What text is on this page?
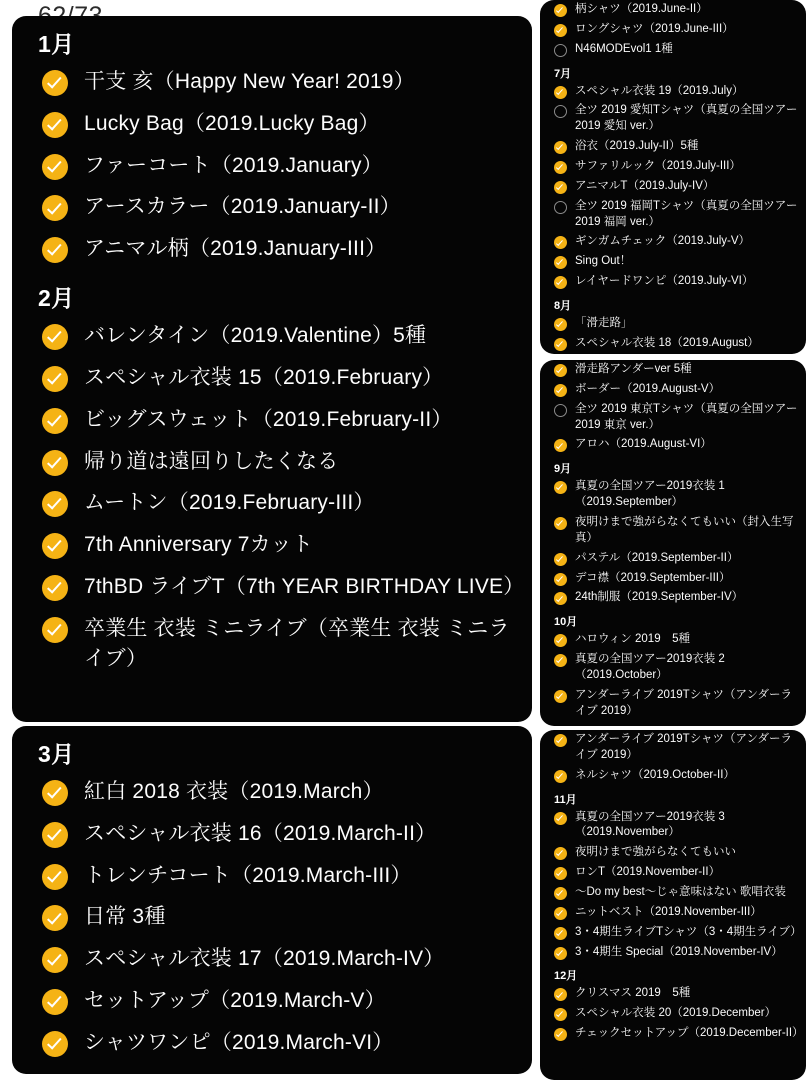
1月
干支 亥（Happy New Year! 2019）
Lucky Bag（2019.Lucky Bag）
ファーコート（2019.January）
アースカラー（2019.January-II）
アニマル柄（2019.January-III）
2月
バレンタイン（2019.Valentine）5種
スペシャル衣装 15（2019.February）
ビッグスウェット（2019.February-II）
帰り道は遠回りしたくなる
ムートン（2019.February-III）
7th Anniversary 7カット
7thBD ライブT（7th YEAR BIRTHDAY LIVE）
卒業生 衣装 ミニライブ（卒業生 衣装 ミニライブ）
3月
紅白 2018 衣装（2019.March）
スペシャル衣装 16（2019.March-II）
トレンチコート（2019.March-III）
日常 3種
スペシャル衣装 17（2019.March-IV）
セットアップ（2019.March-V）
シャツワンピ（2019.March-VI）
柄シャツ（2019.June-II）
ロングシャツ（2019.June-III）
N46MODEvol1 1種
7月
スペシャル衣装 19（2019.July）
全ツ 2019 愛知Tシャツ（真夏の全国ツアー2019 愛知 ver.）
浴衣（2019.July-II）5種
サファリルック（2019.July-III）
アニマルT（2019.July-IV）
全ツ 2019 福岡Tシャツ（真夏の全国ツアー2019 福岡 ver.）
ギンガムチェック（2019.July-V）
Sing Out！
レイヤードワンピ（2019.July-VI）
8月
「滑走路」
スペシャル衣装 18（2019.August）
滑走路アンダーver 5種
ボーダー（2019.August-V）
全ツ 2019 東京Tシャツ（真夏の全国ツアー2019 東京 ver.）
アロハ（2019.August-VI）
9月
真夏の全国ツアー2019衣装 1（2019.September）
夜明けまで強がらなくてもいい（封入生写真）
パステル（2019.September-II）
デコ襟（2019.September-III）
24th制服（2019.September-IV）
10月
ハロウィン 2019　5種
真夏の全国ツアー2019衣装 2（2019.October）
アンダーライブ 2019Tシャツ（アンダーライブ 2019）
アンダーライブ 2019Tシャツ（アンダーライブ 2019）
ネルシャツ（2019.October-II）
11月
真夏の全国ツアー2019衣装 3（2019.November）
夜明けまで強がらなくてもいい
ロンT（2019.November-II）
〜Do my best〜じゃ意味はない 歌唱衣装
ニットベスト（2019.November-III）
3・4期生ライブTシャツ（3・4期生ライブ）
3・4期生 Special（2019.November-IV）
12月
クリスマス 2019　5種
スペシャル衣装 20（2019.December）
チェックセットアップ（2019.December-II）
